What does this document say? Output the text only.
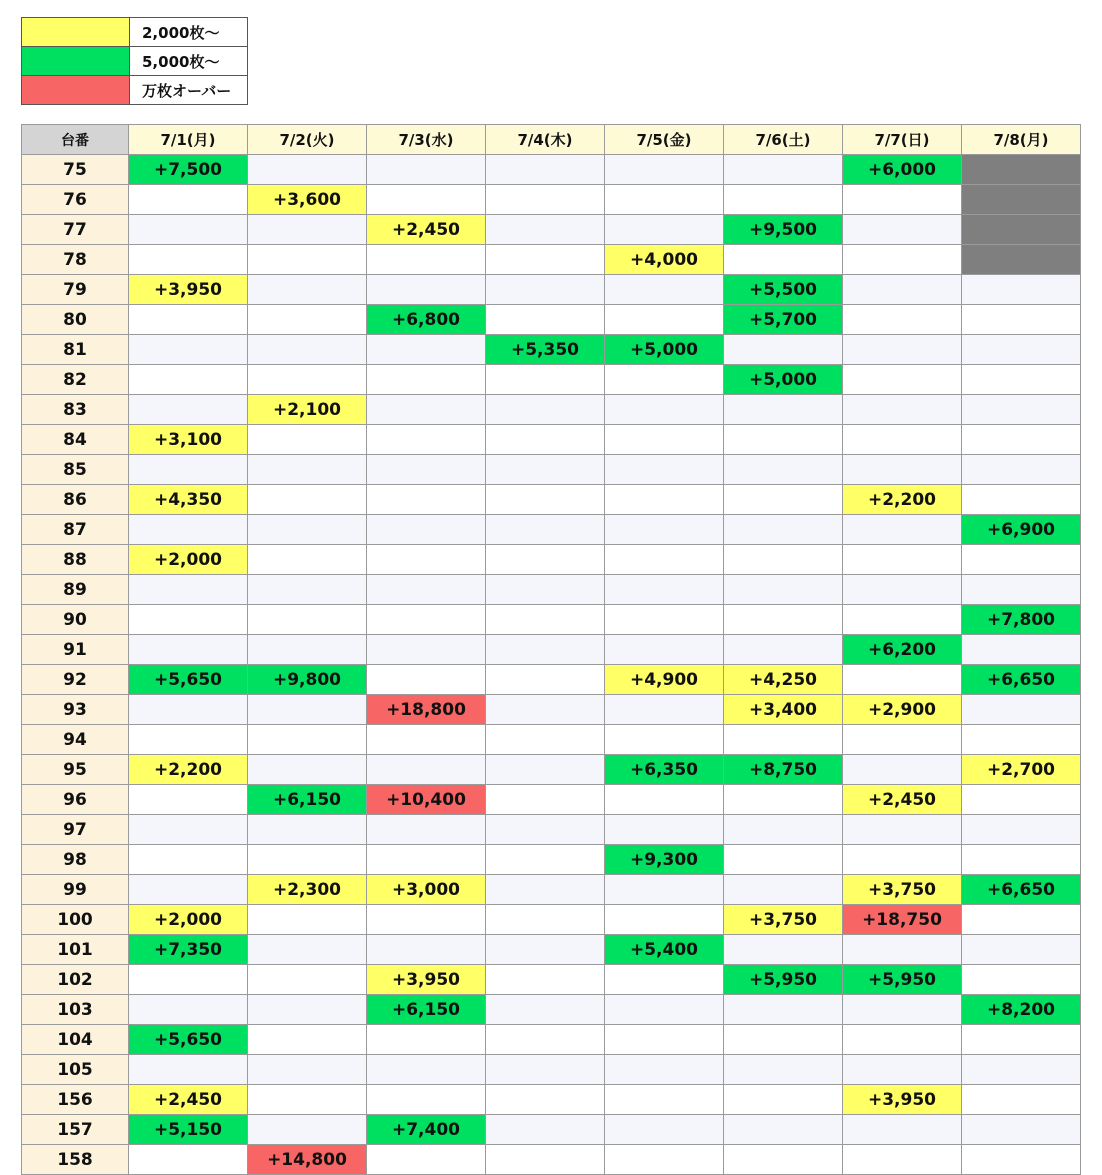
	2,000枚〜
	5,000枚〜
	万枚オーバー
台番	7/1(月)	7/2(火)	7/3(水)	7/4(木)	7/5(金)	7/6(土)	7/7(日)	7/8(月)
75	+7,500						+6,000	
76		+3,600						
77			+2,450			+9,500		
78					+4,000			
79	+3,950					+5,500		
80			+6,800			+5,700		
81				+5,350	+5,000			
82						+5,000		
83		+2,100						
84	+3,100							
85								
86	+4,350						+2,200	
87								+6,900
88	+2,000							
89								
90								+7,800
91							+6,200	
92	+5,650	+9,800			+4,900	+4,250		+6,650
93			+18,800			+3,400	+2,900	
94								
95	+2,200				+6,350	+8,750		+2,700
96		+6,150	+10,400				+2,450	
97								
98					+9,300			
99		+2,300	+3,000				+3,750	+6,650
100	+2,000					+3,750	+18,750	
101	+7,350				+5,400			
102			+3,950			+5,950	+5,950	
103			+6,150					+8,200
104	+5,650							
105								
156	+2,450						+3,950	
157	+5,150		+7,400					
158		+14,800						
